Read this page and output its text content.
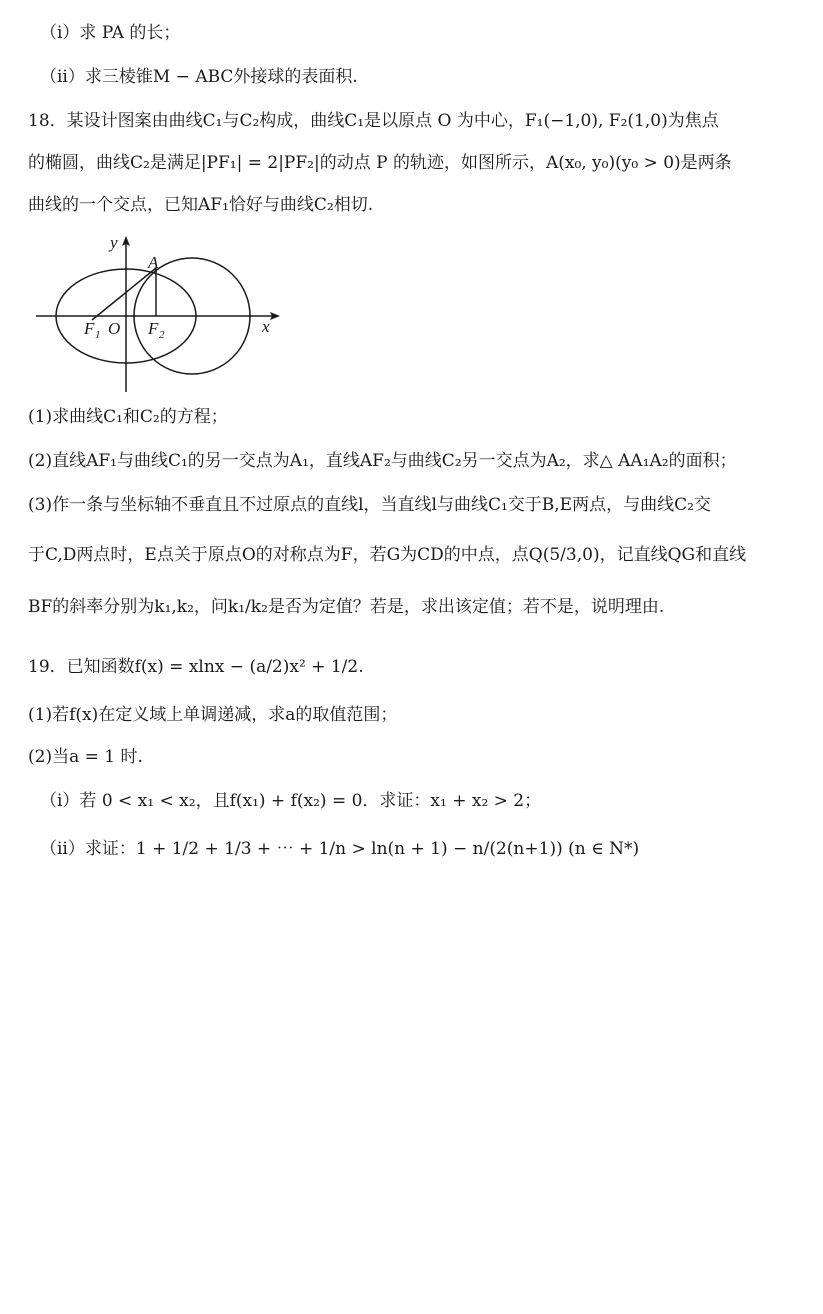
（i）求 PA 的长；
（ii）求三棱锥M − ABC外接球的表面积.
18．某设计图案由曲线C₁与C₂构成，曲线C₁是以原点 O 为中心，F₁(−1,0), F₂(1,0)为焦点
的椭圆，曲线C₂是满足|PF₁| = 2|PF₂|的动点 P 的轨迹，如图所示，A(x₀, y₀)(y₀ > 0)是两条
曲线的一个交点，已知AF₁恰好与曲线C₂相切.
y
x
A
F 1 O F 2
(1)求曲线C₁和C₂的方程；
(2)直线AF₁与曲线C₁的另一交点为A₁，直线AF₂与曲线C₂另一交点为A₂，求△ AA₁A₂的面积；
(3)作一条与坐标轴不垂直且不过原点的直线l，当直线l与曲线C₁交于B,E两点，与曲线C₂交
于C,D两点时，E点关于原点O的对称点为F，若G为CD的中点，点Q(5/3,0)，记直线QG和直线
BF的斜率分别为k₁,k₂，问k₁/k₂是否为定值？若是，求出该定值；若不是，说明理由.
19．已知函数f(x) = xlnx − (a/2)x² + 1/2.
(1)若f(x)在定义域上单调递减，求a的取值范围；
(2)当a = 1 时.
（i）若 0 < x₁ < x₂，且f(x₁) + f(x₂) = 0．求证：x₁ + x₂ > 2；
（ii）求证：1 + 1/2 + 1/3 + ⋯ + 1/n > ln(n + 1) − n/(2(n+1)) (n ∈ N*)
